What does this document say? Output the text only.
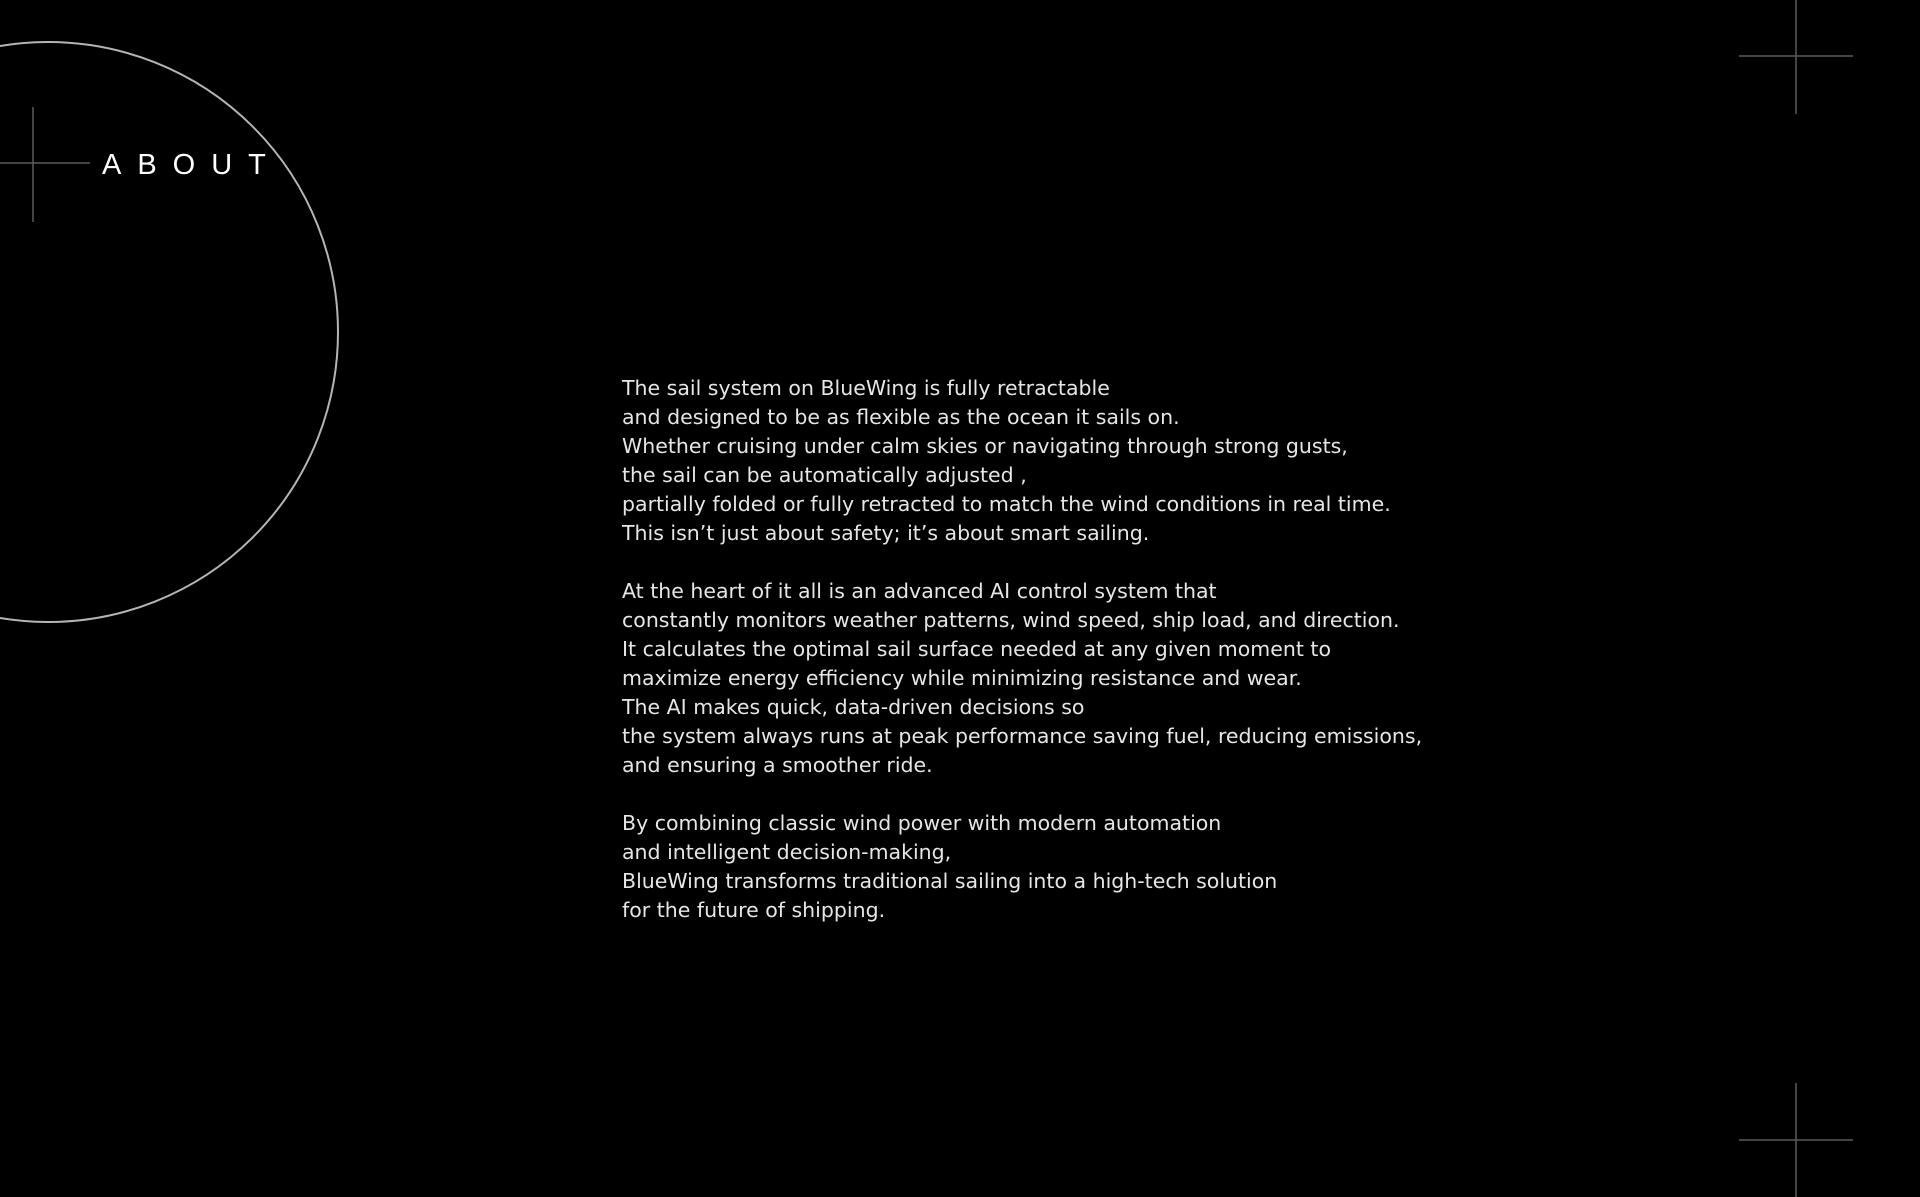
ABOUT

The sail system on BlueWing is fully retractable
and designed to be as flexible as the ocean it sails on.
Whether cruising under calm skies or navigating through strong gusts,
the sail can be automatically adjusted ,
partially folded or fully retracted to match the wind conditions in real time.
This isn’t just about safety; it’s about smart sailing.

At the heart of it all is an advanced AI control system that
constantly monitors weather patterns, wind speed, ship load, and direction.
It calculates the optimal sail surface needed at any given moment to
maximize energy efficiency while minimizing resistance and wear.
The AI makes quick, data-driven decisions so
the system always runs at peak performance saving fuel, reducing emissions,
and ensuring a smoother ride.

By combining classic wind power with modern automation
and intelligent decision-making,
BlueWing transforms traditional sailing into a high-tech solution
for the future of shipping.
